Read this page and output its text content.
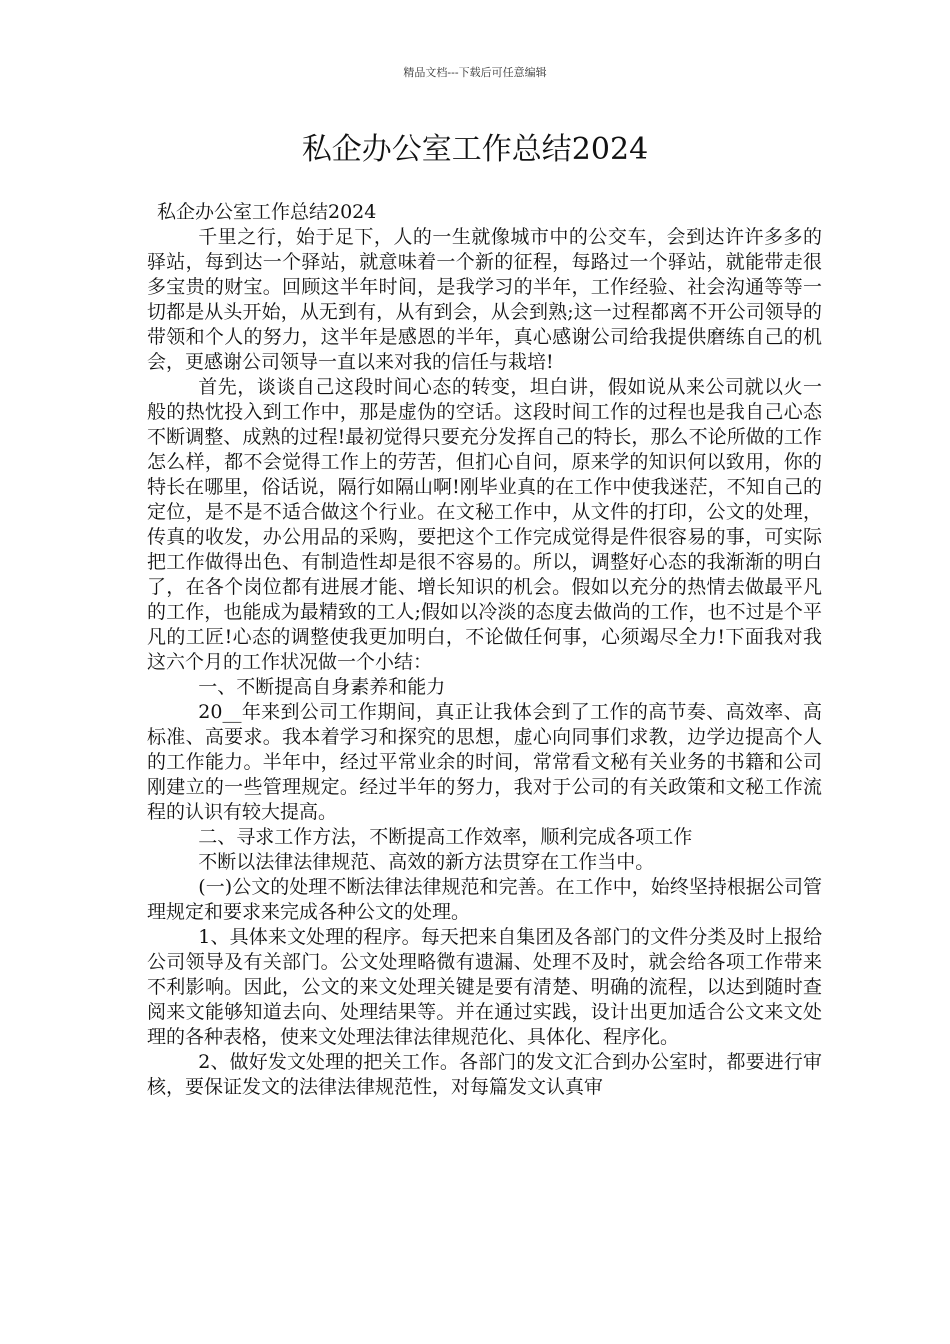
精品文档---下载后可任意编辑
私企办公室工作总结2024

私企办公室工作总结2024

千里之行，始于足下，人的一生就像城市中的公交车，会到达许许多多的驿站，每到达一个驿站，就意味着一个新的征程，每路过一个驿站，就能带走很多宝贵的财宝。回顾这半年时间，是我学习的半年，工作经验、社会沟通等等一切都是从头开始，从无到有，从有到会，从会到熟;这一过程都离不开公司领导的带领和个人的努力，这半年是感恩的半年，真心感谢公司给我提供磨练自己的机会，更感谢公司领导一直以来对我的信任与栽培!

首先，谈谈自己这段时间心态的转变，坦白讲，假如说从来公司就以火一般的热忱投入到工作中，那是虚伪的空话。这段时间工作的过程也是我自己心态不断调整、成熟的过程!最初觉得只要充分发挥自己的特长，那么不论所做的工作怎么样，都不会觉得工作上的劳苦，但扪心自问，原来学的知识何以致用，你的特长在哪里，俗话说，隔行如隔山啊!刚毕业真的在工作中使我迷茫，不知自己的定位，是不是不适合做这个行业。在文秘工作中，从文件的打印，公文的处理，传真的收发，办公用品的采购，要把这个工作完成觉得是件很容易的事，可实际把工作做得出色、有制造性却是很不容易的。所以，调整好心态的我渐渐的明白了，在各个岗位都有进展才能、增长知识的机会。假如以充分的热情去做最平凡的工作，也能成为最精致的工人;假如以冷淡的态度去做尚的工作，也不过是个平凡的工匠!心态的调整使我更加明白，不论做任何事，心须竭尽全力!下面我对我这六个月的工作状况做一个小结：

一、不断提高自身素养和能力

20__年来到公司工作期间，真正让我体会到了工作的高节奏、高效率、高标准、高要求。我本着学习和探究的思想，虚心向同事们求教，边学边提高个人的工作能力。半年中，经过平常业余的时间，常常看文秘有关业务的书籍和公司刚建立的一些管理规定。经过半年的努力，我对于公司的有关政策和文秘工作流程的认识有较大提高。

二、寻求工作方法，不断提高工作效率，顺利完成各项工作

不断以法律法律规范、高效的新方法贯穿在工作当中。

(一)公文的处理不断法律法律规范和完善。在工作中，始终坚持根据公司管理规定和要求来完成各种公文的处理。

1、具体来文处理的程序。每天把来自集团及各部门的文件分类及时上报给公司领导及有关部门。公文处理略微有遗漏、处理不及时，就会给各项工作带来不利影响。因此，公文的来文处理关键是要有清楚、明确的流程，以达到随时查阅来文能够知道去向、处理结果等。并在通过实践，设计出更加适合公文来文处理的各种表格，使来文处理法律法律规范化、具体化、程序化。

2、做好发文处理的把关工作。各部门的发文汇合到办公室时，都要进行审核，要保证发文的法律法律规范性，对每篇发文认真审
